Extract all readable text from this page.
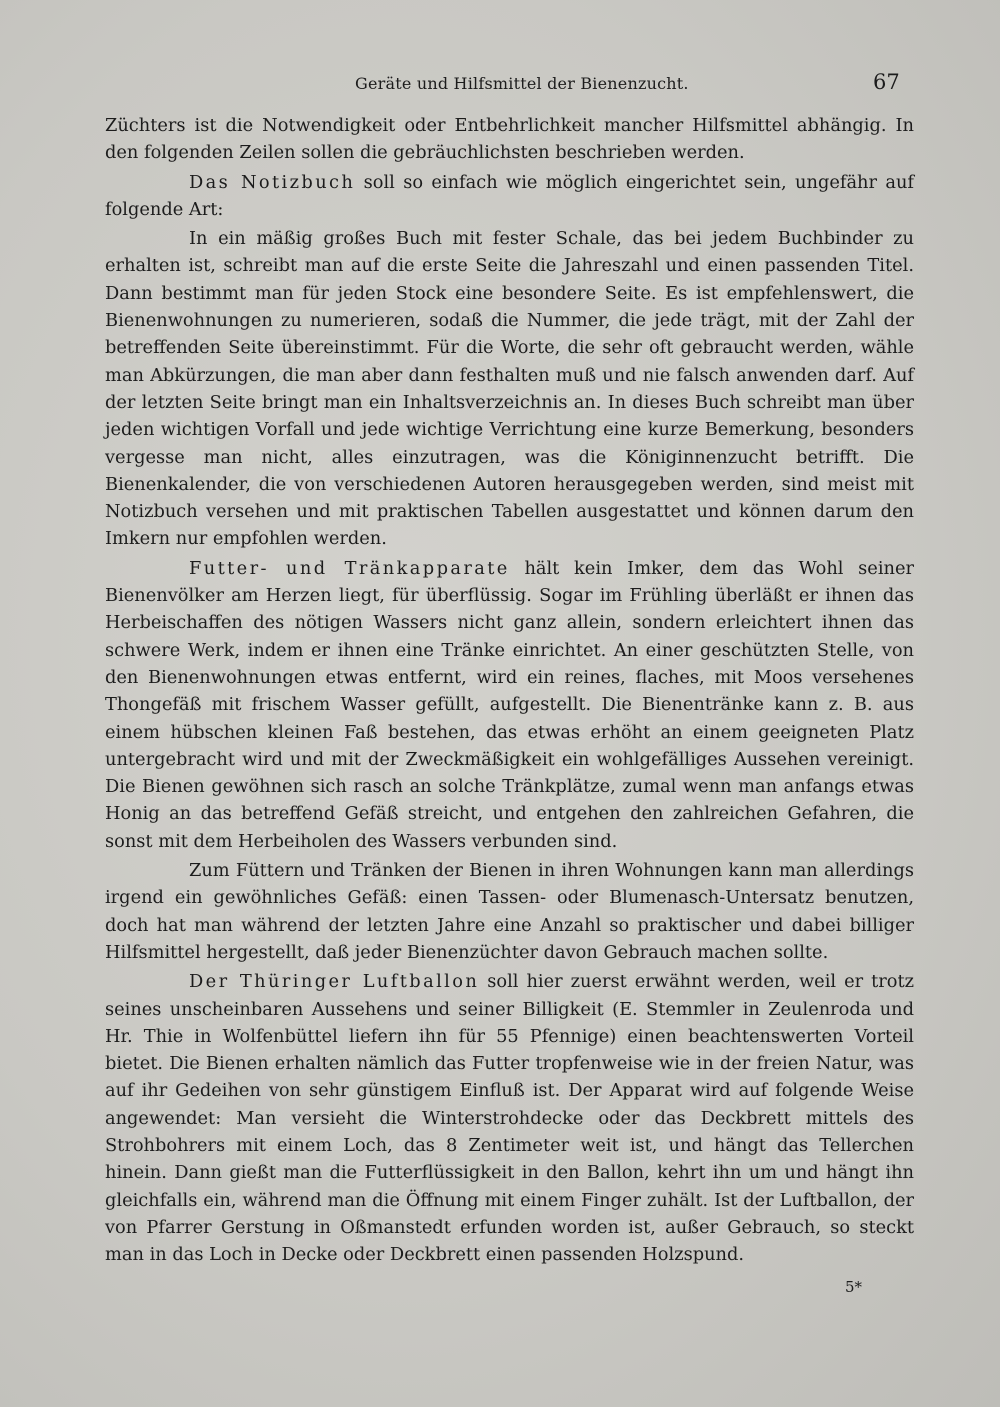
Geräte und Hilfsmittel der Bienenzucht.	67

Züchters ist die Notwendigkeit oder Entbehrlichkeit mancher Hilfsmittel abhängig. In den folgenden Zeilen sollen die gebräuchlichsten beschrieben werden.

Das Notizbuch soll so einfach wie möglich eingerichtet sein, ungefähr auf folgende Art:

In ein mäßig großes Buch mit fester Schale, das bei jedem Buchbinder zu erhalten ist, schreibt man auf die erste Seite die Jahreszahl und einen passenden Titel. Dann bestimmt man für jeden Stock eine besondere Seite. Es ist empfehlenswert, die Bienenwohnungen zu numerieren, sodaß die Nummer, die jede trägt, mit der Zahl der betreffenden Seite übereinstimmt. Für die Worte, die sehr oft gebraucht werden, wähle man Abkürzungen, die man aber dann festhalten muß und nie falsch anwenden darf. Auf der letzten Seite bringt man ein Inhaltsverzeichnis an. In dieses Buch schreibt man über jeden wichtigen Vorfall und jede wichtige Verrichtung eine kurze Bemerkung, besonders vergesse man nicht, alles einzutragen, was die Königinnenzucht betrifft. Die Bienenkalender, die von verschiedenen Autoren herausgegeben werden, sind meist mit Notizbuch versehen und mit praktischen Tabellen ausgestattet und können darum den Imkern nur empfohlen werden.

Futter- und Tränkapparate hält kein Imker, dem das Wohl seiner Bienenvölker am Herzen liegt, für überflüssig. Sogar im Frühling überläßt er ihnen das Herbeischaffen des nötigen Wassers nicht ganz allein, sondern erleichtert ihnen das schwere Werk, indem er ihnen eine Tränke einrichtet. An einer geschützten Stelle, von den Bienenwohnungen etwas entfernt, wird ein reines, flaches, mit Moos versehenes Thongefäß mit frischem Wasser gefüllt, aufgestellt. Die Bienentränke kann z. B. aus einem hübschen kleinen Faß bestehen, das etwas erhöht an einem geeigneten Platz untergebracht wird und mit der Zweckmäßigkeit ein wohlgefälliges Aussehen vereinigt. Die Bienen gewöhnen sich rasch an solche Tränkplätze, zumal wenn man anfangs etwas Honig an das betreffend Gefäß streicht, und entgehen den zahlreichen Gefahren, die sonst mit dem Herbeiholen des Wassers verbunden sind.

Zum Füttern und Tränken der Bienen in ihren Wohnungen kann man allerdings irgend ein gewöhnliches Gefäß: einen Tassen- oder Blumenasch-Untersatz benutzen, doch hat man während der letzten Jahre eine Anzahl so praktischer und dabei billiger Hilfsmittel hergestellt, daß jeder Bienenzüchter davon Gebrauch machen sollte.

Der Thüringer Luftballon soll hier zuerst erwähnt werden, weil er trotz seines unscheinbaren Aussehens und seiner Billigkeit (E. Stemmler in Zeulenroda und Hr. Thie in Wolfenbüttel liefern ihn für 55 Pfennige) einen beachtenswerten Vorteil bietet. Die Bienen erhalten nämlich das Futter tropfenweise wie in der freien Natur, was auf ihr Gedeihen von sehr günstigem Einfluß ist. Der Apparat wird auf folgende Weise angewendet: Man versieht die Winterstrohdecke oder das Deckbrett mittels des Strohbohrers mit einem Loch, das 8 Zentimeter weit ist, und hängt das Tellerchen hinein. Dann gießt man die Futterflüssigkeit in den Ballon, kehrt ihn um und hängt ihn gleichfalls ein, während man die Öffnung mit einem Finger zuhält. Ist der Luftballon, der von Pfarrer Gerstung in Oßmanstedt erfunden worden ist, außer Gebrauch, so steckt man in das Loch in Decke oder Deckbrett einen passenden Holzspund.

5*
